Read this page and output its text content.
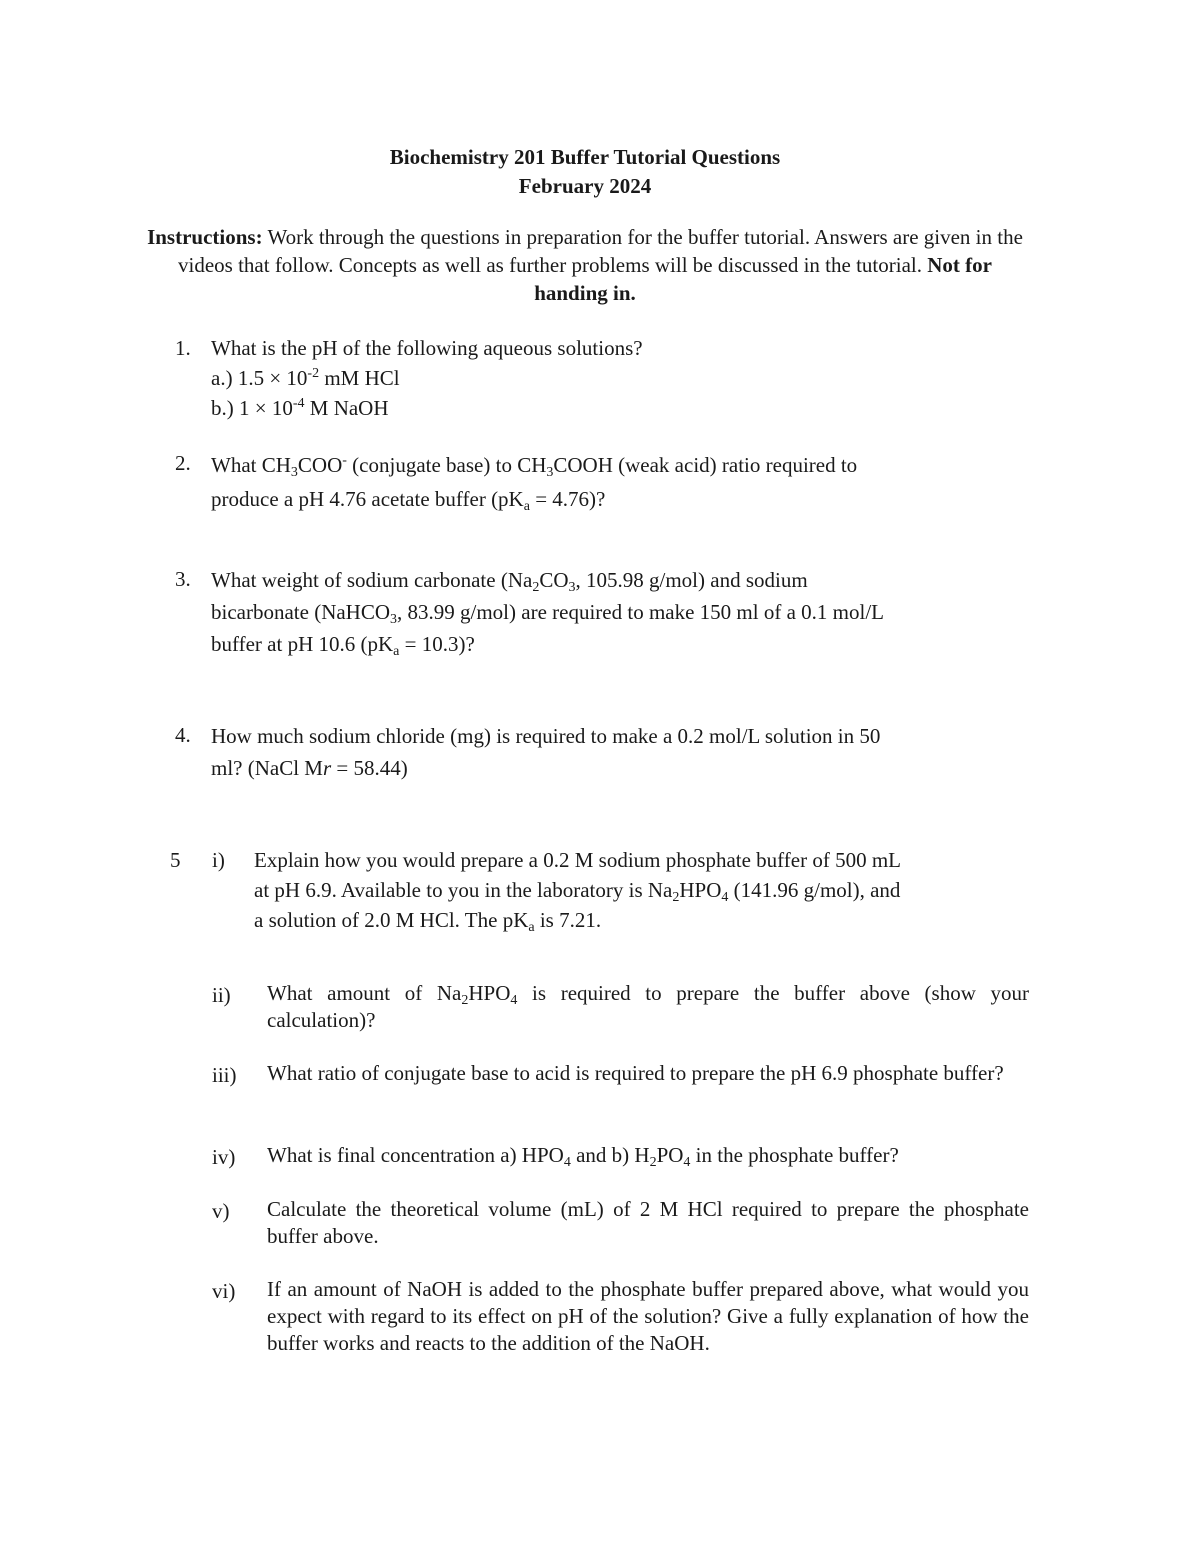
Biochemistry 201 Buffer Tutorial Questions
February 2024
Instructions: Work through the questions in preparation for the buffer tutorial. Answers are given in the videos that follow. Concepts as well as further problems will be discussed in the tutorial. Not for handing in.
1. What is the pH of the following aqueous solutions?
a.) $1.5 \times 10^{-2}$ mM HCl
b.) $1 \times 10^{-4}$ M NaOH
2. What $CH_3COO^-$ (conjugate base) to $CH_3COOH$ (weak acid) ratio required to
produce a pH 4.76 acetate buffer $(pK_a = 4.76)$?
3. What weight of sodium carbonate ($Na_2CO_3$, 105.98 g/mol) and sodium
bicarbonate (NaHCO$_3$, 83.99 g/mol) are required to make 150 ml of a 0.1 mol/L
buffer at pH 10.6 $(pK_a = 10.3)$?
4. How much sodium chloride (mg) is required to make a 0.2 mol/L solution in 50
ml? (NaCl Mr = 58.44)
5 i) Explain how you would prepare a 0.2 M sodium phosphate buffer of 500 mL
at pH 6.9. Available to you in the laboratory is $Na_2HPO_4$ (141.96 g/mol), and
a solution of 2.0 M HCl. The $pK_a$ is 7.21.
ii) What amount of $Na_2HPO_4$ is required to prepare the buffer above (show your calculation)?
iii) What ratio of conjugate base to acid is required to prepare the pH 6.9 phosphate buffer?
iv) What is final concentration a) $HPO_4$ and b) $H_2PO_4$ in the phosphate buffer?
v) Calculate the theoretical volume (mL) of 2 M HCl required to prepare the phosphate buffer above.
vi) If an amount of NaOH is added to the phosphate buffer prepared above, what would you expect with regard to its effect on pH of the solution? Give a fully explanation of how the buffer works and reacts to the addition of the NaOH.
